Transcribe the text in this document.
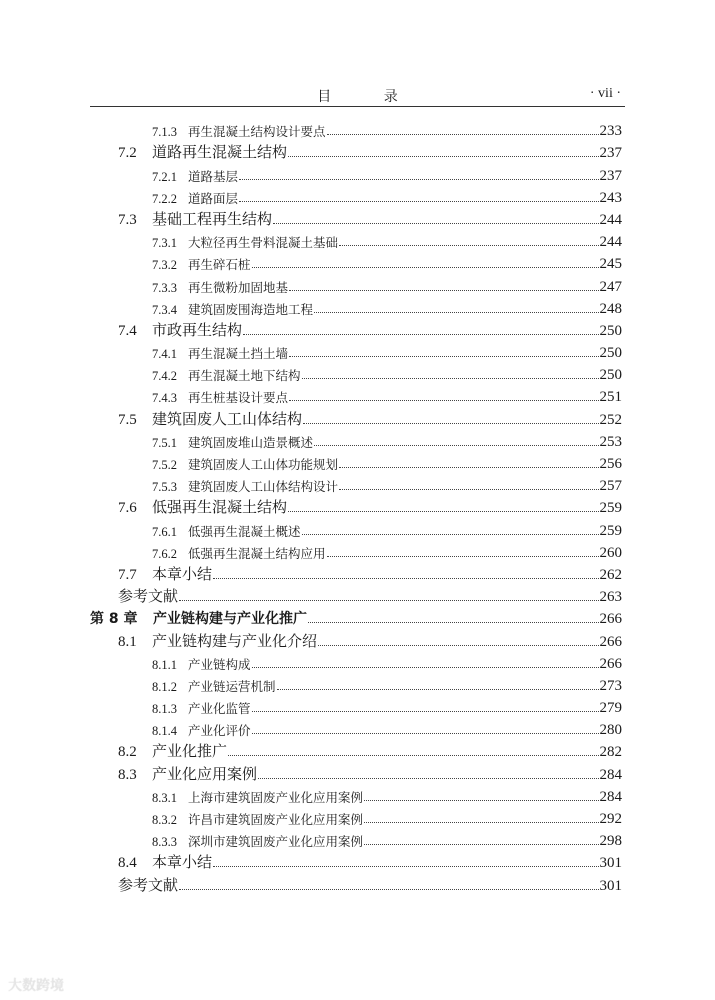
目	录	· vii ·
7.1.3 再生混凝土结构设计要点	233
7.2	道路再生混凝土结构	237
7.2.1 道路基层	237
7.2.2 道路面层	243
7.3	基础工程再生结构	244
7.3.1 大粒径再生骨料混凝土基础	244
7.3.2 再生碎石桩	245
7.3.3 再生微粉加固地基	247
7.3.4 建筑固废围海造地工程	248
7.4	市政再生结构	250
7.4.1 再生混凝土挡土墙	250
7.4.2 再生混凝土地下结构	250
7.4.3 再生桩基设计要点	251
7.5	建筑固废人工山体结构	252
7.5.1 建筑固废堆山造景概述	253
7.5.2 建筑固废人工山体功能规划	256
7.5.3 建筑固废人工山体结构设计	257
7.6	低强再生混凝土结构	259
7.6.1 低强再生混凝土概述	259
7.6.2 低强再生混凝土结构应用	260
7.7	本章小结	262
参考文献	263
第 8 章	产业链构建与产业化推广	266
8.1	产业链构建与产业化介绍	266
8.1.1 产业链构成	266
8.1.2 产业链运营机制	273
8.1.3 产业化监管	279
8.1.4 产业化评价	280
8.2	产业化推广	282
8.3	产业化应用案例	284
8.3.1 上海市建筑固废产业化应用案例	284
8.3.2 许昌市建筑固废产业化应用案例	292
8.3.3 深圳市建筑固废产业化应用案例	298
8.4	本章小结	301
参考文献	301
大数跨境
